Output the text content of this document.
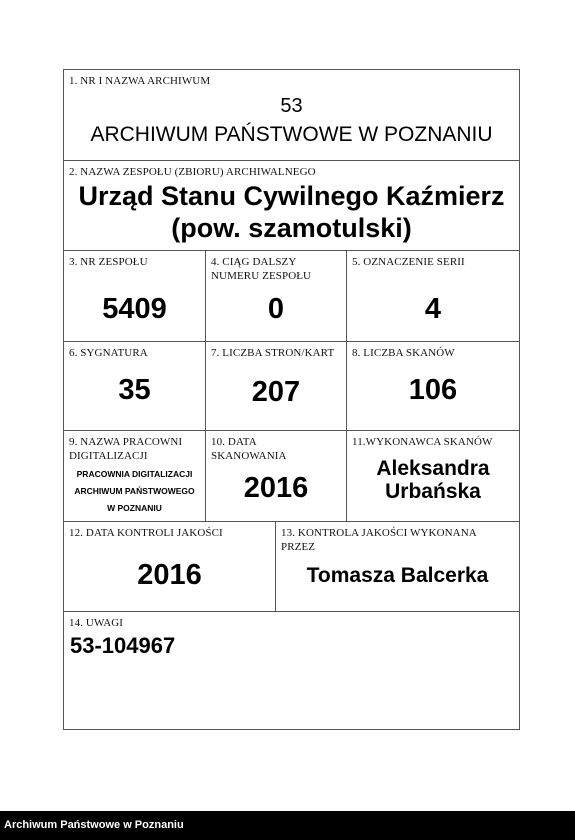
1. NR I NAZWA ARCHIWUM
53
ARCHIWUM PAŃSTWOWE W POZNANIU
2. NAZWA ZESPOŁU (ZBIORU) ARCHIWALNEGO
Urząd Stanu Cywilnego Kaźmierz
(pow. szamotulski)
3. NR ZESPOŁU
5409
4. CIĄG DALSZY
NUMERU ZESPOŁU
0
5. OZNACZENIE SERII
4
6. SYGNATURA
35
7. LICZBA STRON/KART
207
8. LICZBA SKANÓW
106
9. NAZWA PRACOWNI
DIGITALIZACJI
PRACOWNIA DIGITALIZACJI
ARCHIWUM PAŃSTWOWEGO
W POZNANIU
10. DATA
SKANOWANIA
2016
11.WYKONAWCA SKANÓW
Aleksandra
Urbańska
12. DATA KONTROLI JAKOŚCI
2016
13. KONTROLA JAKOŚCI WYKONANA
PRZEZ
Tomasza Balcerka
14. UWAGI
53-104967
Archiwum Państwowe w Poznaniu
